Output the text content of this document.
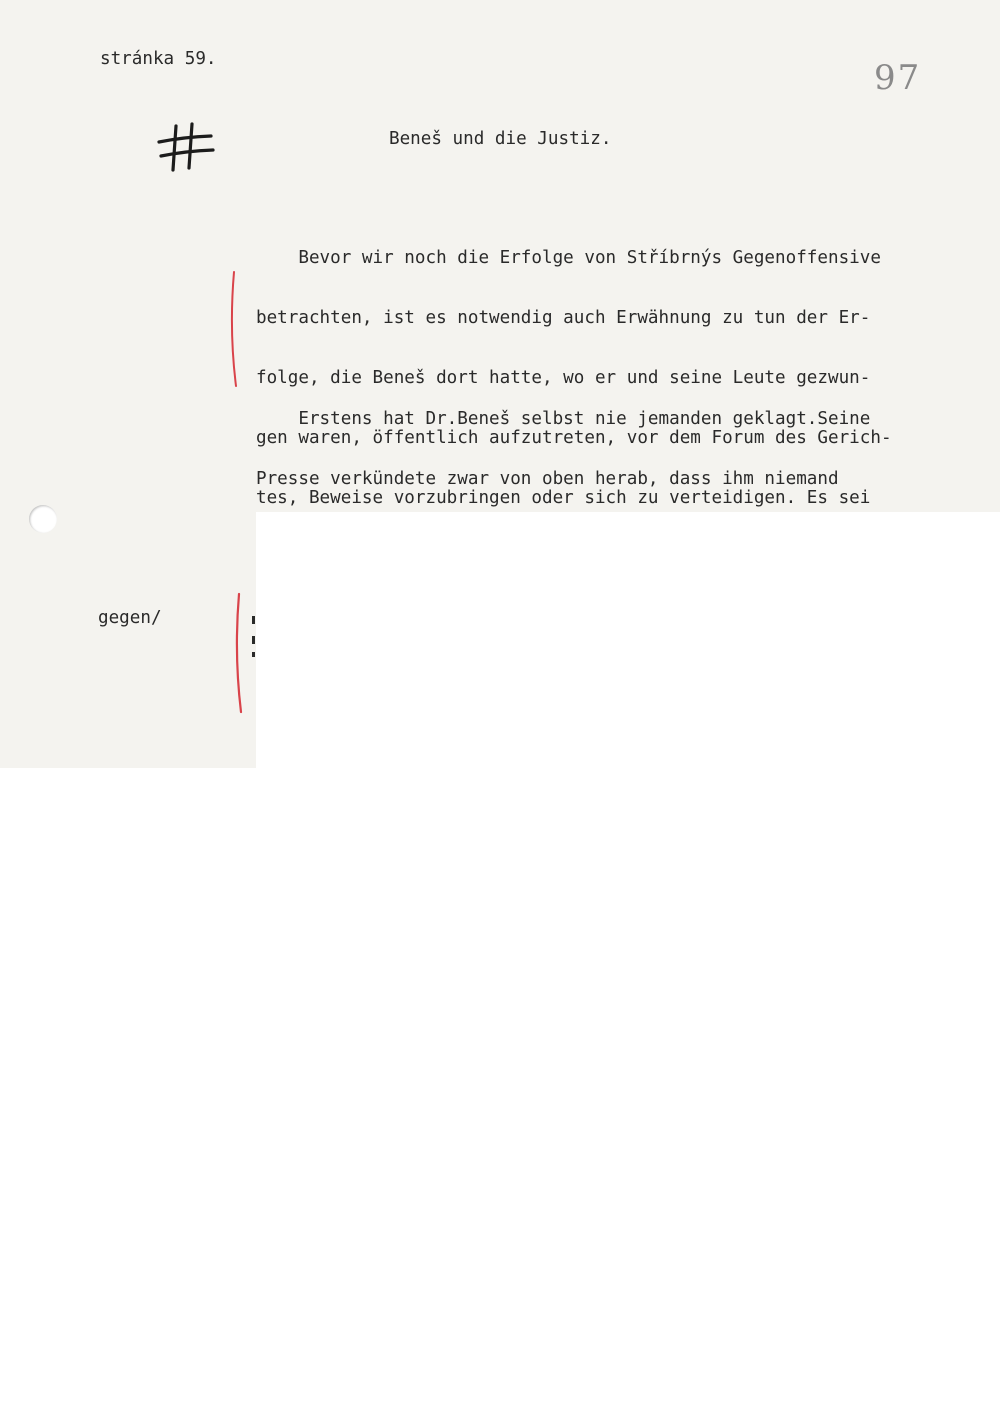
stránka 59.	97
Beneš und die Justiz.

Bevor wir noch die Erfolge von Stříbrnýs Gegenoffensive

betrachten, ist es notwendig auch Erwähnung zu tun der Er-

folge, die Beneš dort hatte, wo er und seine Leute gezwun-

gen waren, öffentlich aufzutreten, vor dem Forum des Gerich-

tes, Beweise vorzubringen oder sich zu verteidigen. Es sei

Erstens hat Dr.Beneš selbst nie jemanden geklagt.Seine

Presse verkündete zwar von oben herab, dass ihm niemand

gegen/
